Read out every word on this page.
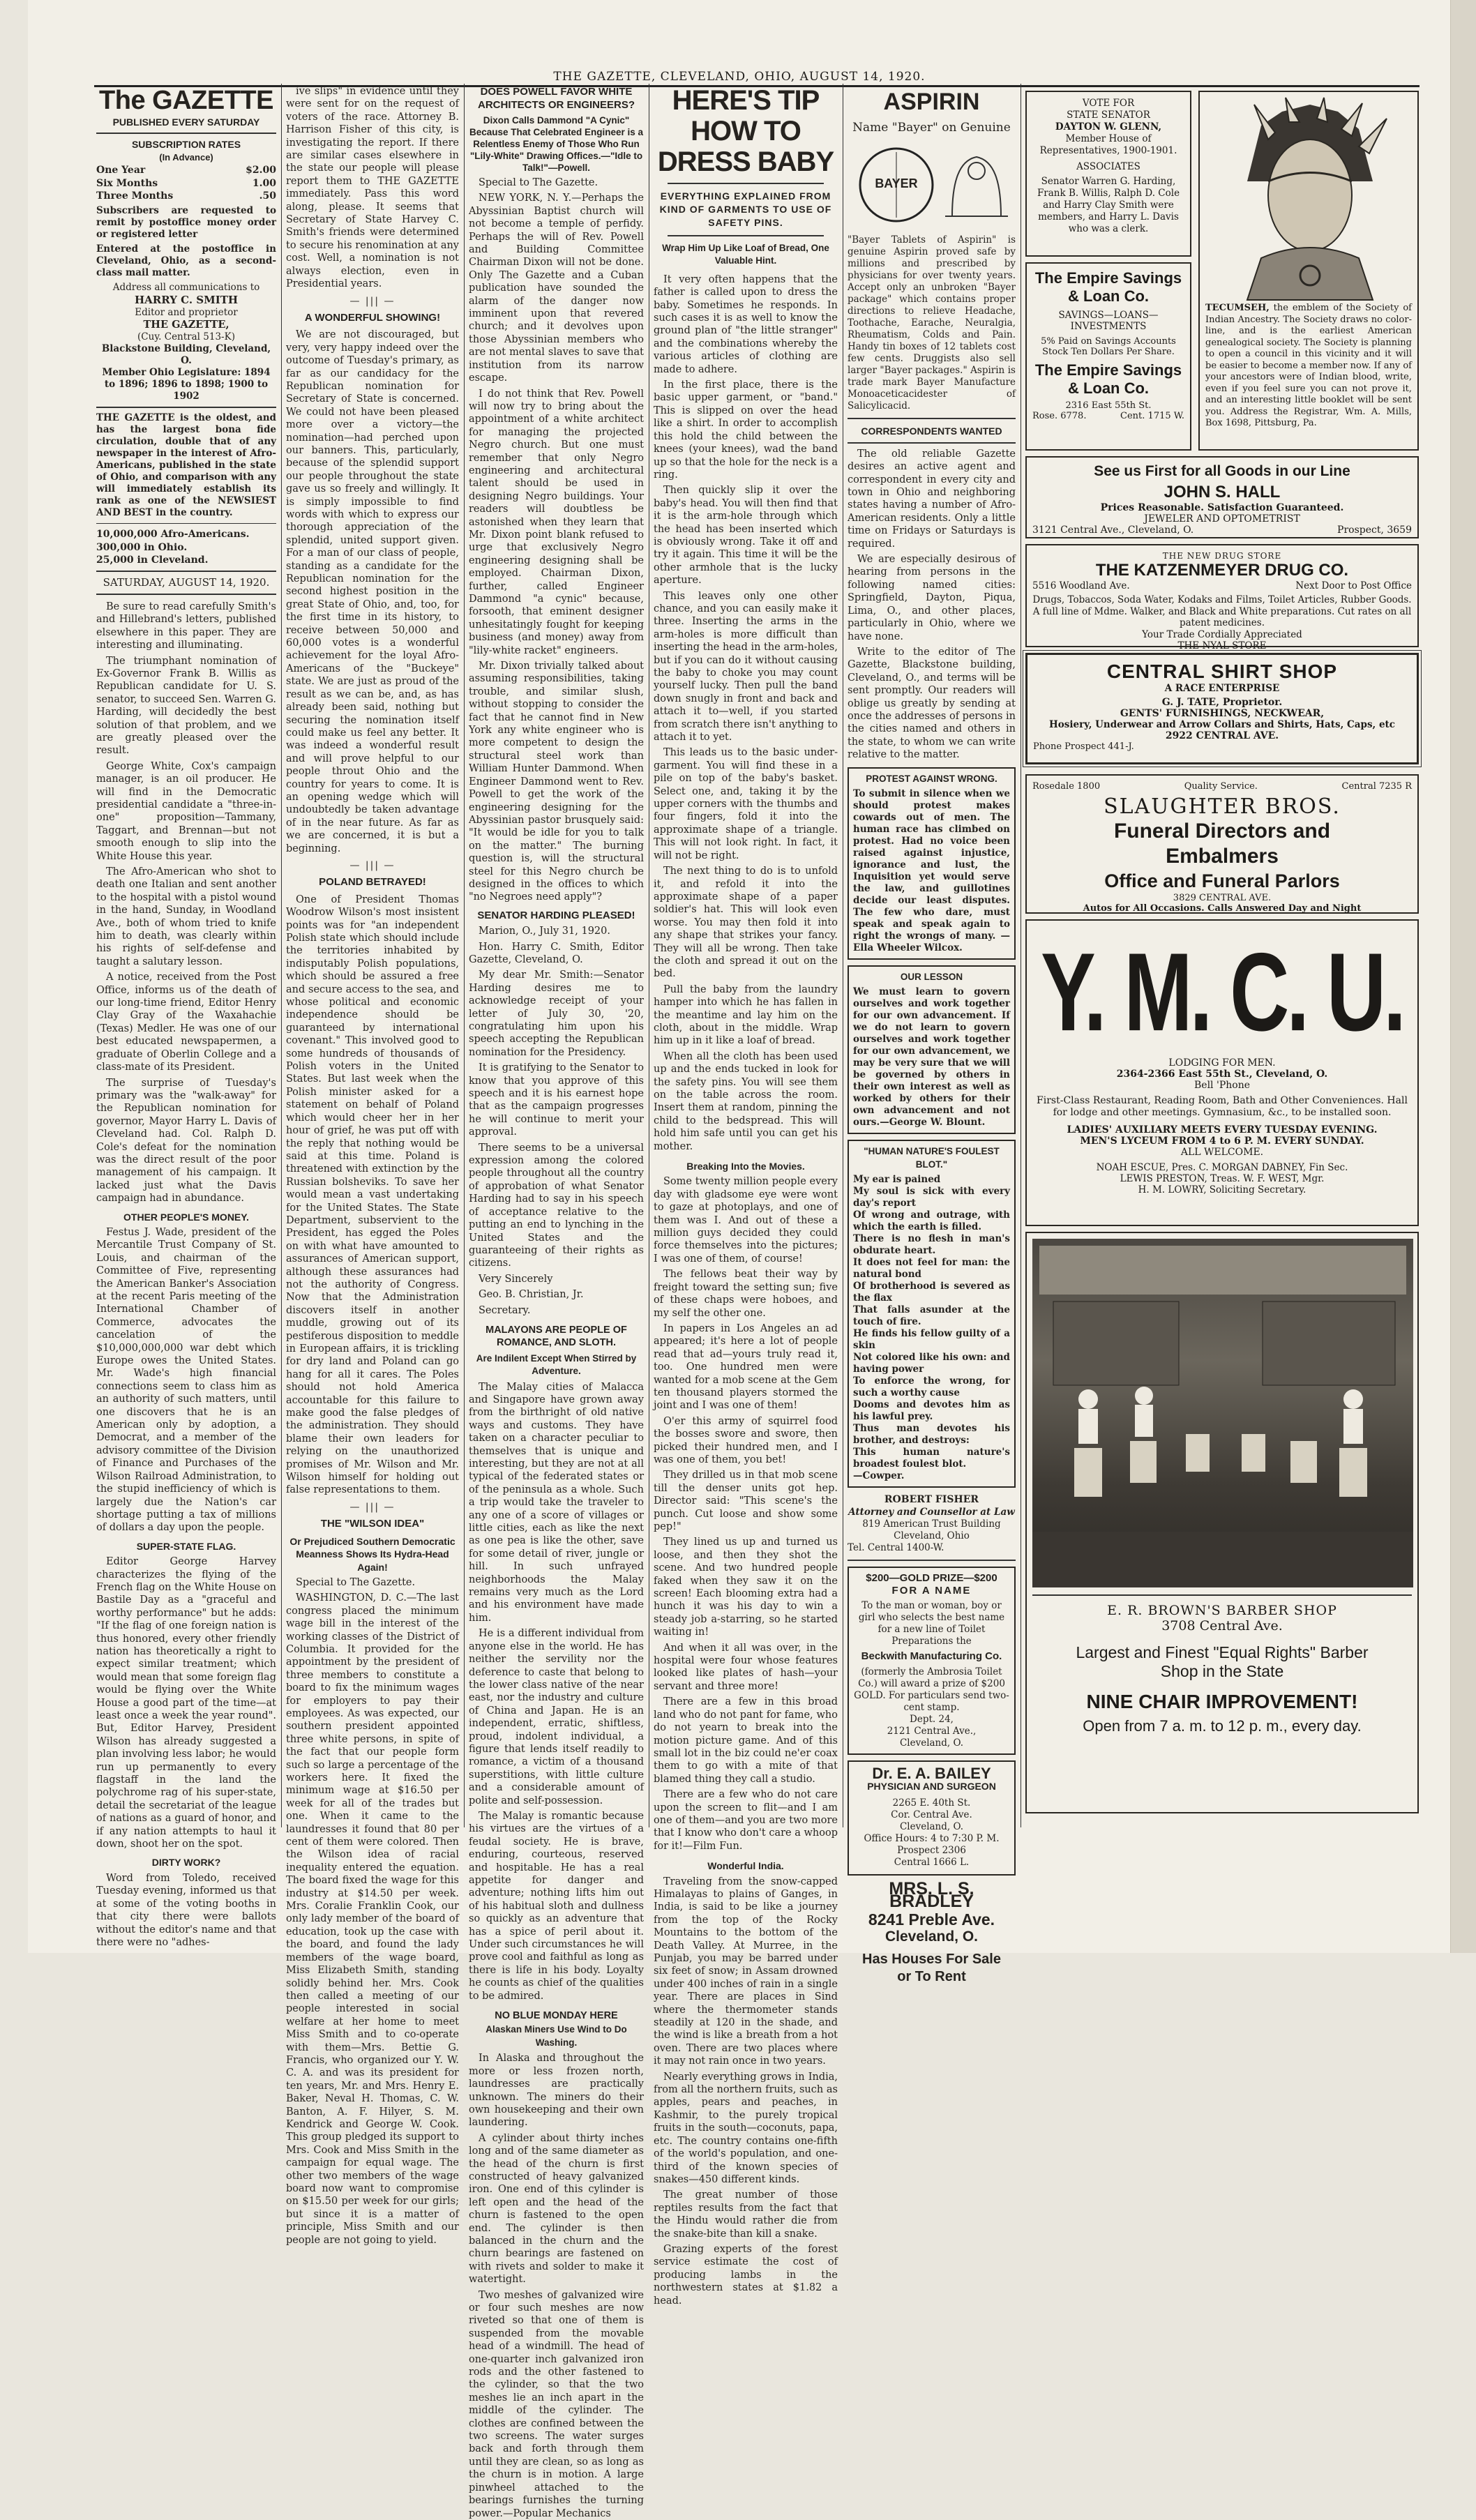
THE GAZETTE, CLEVELAND, OHIO, AUGUST 14, 1920.
The GAZETTE
PUBLISHED EVERY SATURDAY
SUBSCRIPTION RATES
(In Advance)
One Year	$2.00
Six Months	1.00
Three Months	.50
Subscribers are requested to remit by postoffice money order or registered letter
Entered at the postoffice in Cleveland, Ohio, as a second-class mail matter.
Address all communications to
HARRY C. SMITH
Editor and proprietor
THE GAZETTE,
(Cuy. Central 513-K)
Blackstone Building, Cleveland, O.
Member Ohio Legislature: 1894 to 1896; 1896 to 1898; 1900 to 1902
THE GAZETTE is the oldest, and has the largest bona fide circulation, double that of any newspaper in the interest of Afro-Americans, published in the state of Ohio, and comparison with any will immediately establish its rank as one of the NEWSIEST AND BEST in the country.
10,000,000 Afro-Americans.
300,000 in Ohio.
25,000 in Cleveland.
SATURDAY, AUGUST 14, 1920.

Be sure to read carefully Smith's and Hillebrand's letters, published elsewhere in this paper. They are interesting and illuminating.

The triumphant nomination of Ex-Governor Frank B. Willis as Republican candidate for U. S. senator, to succeed Sen. Warren G. Harding, will decidedly the best solution of that problem, and we are greatly pleased over the result.

George White, Cox's campaign manager, is an oil producer. He will find in the Democratic presidential candidate a "three-in-one" proposition—Tammany, Taggart, and Brennan—but not smooth enough to slip into the White House this year.

The Afro-American who shot to death one Italian and sent another to the hospital with a pistol wound in the hand, Sunday, in Woodland Ave., both of whom tried to knife him to death, was clearly within his rights of self-defense and taught a salutary lesson.

A notice, received from the Post Office, informs us of the death of our long-time friend, Editor Henry Clay Gray of the Waxahachie (Texas) Medler. He was one of our best educated newspapermen, a graduate of Oberlin College and a class-mate of its President.

The surprise of Tuesday's primary was the "walk-away" for the Republican nomination for governor, Mayor Harry L. Davis of Cleveland had. Col. Ralph D. Cole's defeat for the nomination was the direct result of the poor management of his campaign. It lacked just what the Davis campaign had in abundance.

OTHER PEOPLE'S MONEY.

Festus J. Wade, president of the Mercantile Trust Company of St. Louis, and chairman of the Committee of Five, representing the American Banker's Association at the recent Paris meeting of the International Chamber of Commerce, advocates the cancelation of the $10,000,000,000 war debt which Europe owes the United States. Mr. Wade's high financial connections seem to class him as an authority of such matters, until one discovers that he is an American only by adoption, a Democrat, and a member of the advisory committee of the Division of Finance and Purchases of the Wilson Railroad Administration, to the stupid inefficiency of which is largely due the Nation's car shortage putting a tax of millions of dollars a day upon the people.

SUPER-STATE FLAG.

Editor George Harvey characterizes the flying of the French flag on the White House on Bastile Day as a "graceful and worthy performance" but he adds: "If the flag of one foreign nation is thus honored, every other friendly nation has theoretically a right to expect similar treatment; which would mean that some foreign flag would be flying over the White House a good part of the time—at least once a week the year round". But, Editor Harvey, President Wilson has already suggested a plan involving less labor; he would run up permanently to every flagstaff in the land the polychrome rag of his super-state, detail the secretariat of the league of nations as a guard of honor, and if any nation attempts to haul it down, shoot her on the spot.

DIRTY WORK?

Word from Toledo, received Tuesday evening, informed us that at some of the voting booths in that city there were ballots without the editor's name and that there were no "adhes-

ive slips" in evidence until they were sent for on the request of voters of the race. Attorney B. Harrison Fisher of this city, is investigating the report. If there are similar cases elsewhere in the state our people will please report them to THE GAZETTE immediately. Pass this word along, please. It seems that Secretary of State Harvey C. Smith's friends were determined to secure his renomination at any cost. Well, a nomination is not always election, even in Presidential years.

— ||| —
A WONDERFUL SHOWING!

We are not discouraged, but very, very happy indeed over the outcome of Tuesday's primary, as far as our candidacy for the Republican nomination for Secretary of State is concerned. We could not have been pleased more over a victory—the nomination—had perched upon our banners. This, particularly, because of the splendid support our people throughout the state gave us so freely and willingly. It is simply impossible to find words with which to express our thorough appreciation of the splendid, united support given. For a man of our class of people, standing as a candidate for the Republican nomination for the second highest position in the great State of Ohio, and, too, for the first time in its history, to receive between 50,000 and 60,000 votes is a wonderful achievement for the loyal Afro-Americans of the "Buckeye" state. We are just as proud of the result as we can be, and, as has already been said, nothing but securing the nomination itself could make us feel any better. It was indeed a wonderful result and will prove helpful to our people throut Ohio and the country for years to come. It is an opening wedge which will undoubtedly be taken advantage of in the near future. As far as we are concerned, it is but a beginning.

— ||| —
POLAND BETRAYED!

One of President Thomas Woodrow Wilson's most insistent points was for "an independent Polish state which should include the territories inhabited by indisputably Polish populations, which should be assured a free and secure access to the sea, and whose political and economic independence should be guaranteed by international covenant." This involved good to some hundreds of thousands of Polish voters in the United States. But last week when the Polish minister asked for a statement on behalf of Poland which would cheer her in her hour of grief, he was put off with the reply that nothing would be said at this time. Poland is threatened with extinction by the Russian bolsheviks. To save her would mean a vast undertaking for the United States. The State Department, subservient to the President, has egged the Poles on with what have amounted to assurances of American support, although these assurances had not the authority of Congress. Now that the Administration discovers itself in another muddle, growing out of its pestiferous disposition to meddle in European affairs, it is trickling for dry land and Poland can go hang for all it cares. The Poles should not hold America accountable for this failure to make good the false pledges of the administration. They should blame their own leaders for relying on the unauthorized promises of Mr. Wilson and Mr. Wilson himself for holding out false representations to them.

— ||| —
THE "WILSON IDEA"
Or Prejudiced Southern Democratic Meanness Shows Its Hydra-Head Again!

Special to The Gazette.

WASHINGTON, D. C.—The last congress placed the minimum wage bill in the interest of the working classes of the District of Columbia. It provided for the appointment by the president of three members to constitute a board to fix the minimum wages for employers to pay their employees. As was expected, our southern president appointed three white persons, in spite of the fact that our people form such so large a percentage of the workers here. It fixed the minimum wage at $16.50 per week for all of the trades but one. When it came to the laundresses it found that 80 per cent of them were colored. Then the Wilson idea of racial inequality entered the equation. The board fixed the wage for this industry at $14.50 per week. Mrs. Coralie Franklin Cook, our only lady member of the board of education, took up the case with the board, and found the lady members of the wage board, Miss Elizabeth Smith, standing solidly behind her. Mrs. Cook then called a meeting of our people interested in social welfare at her home to meet Miss Smith and to co-operate with them—Mrs. Bettie G. Francis, who organized our Y. W. C. A. and was its president for ten years, Mr. and Mrs. Henry E. Baker, Neval H. Thomas, C. W. Banton, A. F. Hilyer, S. M. Kendrick and George W. Cook. This group pledged its support to Mrs. Cook and Miss Smith in the campaign for equal wage. The other two members of the wage board now want to compromise on $15.50 per week for our girls; but since it is a matter of principle, Miss Smith and our people are not going to yield.

DOES POWELL FAVOR WHITE ARCHITECTS OR ENGINEERS?
Dixon Calls Dammond "A Cynic" Because That Celebrated Engineer is a Relentless Enemy of Those Who Run "Lily-White" Drawing Offices.—"Idle to Talk!"—Powell.

Special to The Gazette.

NEW YORK, N. Y.—Perhaps the Abyssinian Baptist church will not become a temple of perfidy. Perhaps the will of Rev. Powell and Building Committee Chairman Dixon will not be done. Only The Gazette and a Cuban publication have sounded the alarm of the danger now imminent upon that revered church; and it devolves upon those Abyssinian members who are not mental slaves to save that institution from its narrow escape.

I do not think that Rev. Powell will now try to bring about the appointment of a white architect for managing the projected Negro church. But one must remember that only Negro engineering and architectural talent should be used in designing Negro buildings. Your readers will doubtless be astonished when they learn that Mr. Dixon point blank refused to urge that exclusively Negro engineering designing shall be employed. Chairman Dixon, further, called Engineer Dammond "a cynic" because, forsooth, that eminent designer unhesitatingly fought for keeping business (and money) away from "lily-white racket" engineers.

Mr. Dixon trivially talked about assuming responsibilities, taking trouble, and similar slush, without stopping to consider the fact that he cannot find in New York any white engineer who is more competent to design the structural steel work than William Hunter Dammond. When Engineer Dammond went to Rev. Powell to get the work of the engineering designing for the Abyssinian pastor brusquely said: "It would be idle for you to talk on the matter." The burning question is, will the structural steel for this Negro church be designed in the offices to which "no Negroes need apply"?

SENATOR HARDING PLEASED!

Marion, O., July 31, 1920.

Hon. Harry C. Smith, Editor Gazette, Cleveland, O.

My dear Mr. Smith:—Senator Harding desires me to acknowledge receipt of your letter of July 30, '20, congratulating him upon his speech accepting the Republican nomination for the Presidency.

It is gratifying to the Senator to know that you approve of this speech and it is his earnest hope that as the campaign progresses he will continue to merit your approval.

There seems to be a universal expression among the colored people throughout all the country of approbation of what Senator Harding had to say in his speech of acceptance relative to the putting an end to lynching in the United States and the guaranteeing of their rights as citizens.

Very Sincerely

Geo. B. Christian, Jr.

Secretary.

MALAYONS ARE PEOPLE OF ROMANCE, AND SLOTH.
Are Indilent Except When Stirred by Adventure.

The Malay cities of Malacca and Singapore have grown away from the birthright of old native ways and customs. They have taken on a character peculiar to themselves that is unique and interesting, but they are not at all typical of the federated states or of the peninsula as a whole. Such a trip would take the traveler to any one of a score of villages or little cities, each as like the next as one pea is like the other, save for some detail of river, jungle or hill. In such unfrayed neighborhoods the Malay remains very much as the Lord and his environment have made him.

He is a different individual from anyone else in the world. He has neither the servility nor the deference to caste that belong to the lower class native of the near east, nor the industry and culture of China and Japan. He is an independent, erratic, shiftless, proud, indolent individual, a figure that lends itself readily to romance, a victim of a thousand superstitions, with little culture and a considerable amount of polite and self-possession.

The Malay is romantic because his virtues are the virtues of a feudal society. He is brave, enduring, courteous, reserved and hospitable. He has a real appetite for danger and adventure; nothing lifts him out of his habitual sloth and dullness so quickly as an adventure that has a spice of peril about it. Under such circumstances he will prove cool and faithful as long as there is life in his body. Loyalty he counts as chief of the qualities to be admired.

NO BLUE MONDAY HERE
Alaskan Miners Use Wind to Do Washing.

In Alaska and throughout the more or less frozen north, laundresses are practically unknown. The miners do their own housekeeping and their own laundering.

A cylinder about thirty inches long and of the same diameter as the head of the churn is first constructed of heavy galvanized iron. One end of this cylinder is left open and the head of the churn is fastened to the open end. The cylinder is then balanced in the churn and the churn bearings are fastened on with rivets and solder to make it watertight.

Two meshes of galvanized wire or four such meshes are now riveted so that one of them is suspended from the movable head of a windmill. The head of one-quarter inch galvanized iron rods and the other fastened to the cylinder, so that the two meshes lie an inch apart in the middle of the cylinder. The clothes are confined between the two screens. The water surges back and forth through them until they are clean, so as long as the churn is in motion. A large pinwheel attached to the bearings furnishes the turning power.—Popular Mechanics

HERE'S TIP HOW TO DRESS BABY
EVERYTHING EXPLAINED FROM KIND OF GARMENTS TO USE OF SAFETY PINS.
Wrap Him Up Like Loaf of Bread, One Valuable Hint.

It very often happens that the father is called upon to dress the baby. Sometimes he responds. In such cases it is as well to know the ground plan of "the little stranger" and the combinations whereby the various articles of clothing are made to adhere.

In the first place, there is the basic upper garment, or "band." This is slipped on over the head like a shirt. In order to accomplish this hold the child between the knees (your knees), wad the band up so that the hole for the neck is a ring.

Then quickly slip it over the baby's head. You will then find that it is the arm-hole through which the head has been inserted which is obviously wrong. Take it off and try it again. This time it will be the other armhole that is the lucky aperture.

This leaves only one other chance, and you can easily make it three. Inserting the arms in the arm-holes is more difficult than inserting the head in the arm-holes, but if you can do it without causing the baby to choke you may count yourself lucky. Then pull the band down snugly in front and back and attach it to—well, if you started from scratch there isn't anything to attach it to yet.

This leads us to the basic under-garment. You will find these in a pile on top of the baby's basket. Select one, and, taking it by the upper corners with the thumbs and four fingers, fold it into the approximate shape of a triangle. This will not look right. In fact, it will not be right.

The next thing to do is to unfold it, and refold it into the approximate shape of a paper soldier's hat. This will look even worse. You may then fold it into any shape that strikes your fancy. They will all be wrong. Then take the cloth and spread it out on the bed.

Pull the baby from the laundry hamper into which he has fallen in the meantime and lay him on the cloth, about in the middle. Wrap him up in it like a loaf of bread.

When all the cloth has been used up and the ends tucked in look for the safety pins. You will see them on the table across the room. Insert them at random, pinning the child to the bedspread. This will hold him safe until you can get his mother.

Breaking Into the Movies.

Some twenty million people every day with gladsome eye were wont to gaze at photoplays, and one of them was I. And out of these a million guys decided they could force themselves into the pictures; I was one of them, of course!

The fellows beat their way by freight toward the setting sun; five of these chaps were hoboes, and my self the other one.

In papers in Los Angeles an ad appeared; it's here a lot of people read that ad—yours truly read it, too. One hundred men were wanted for a mob scene at the Gem ten thousand players stormed the joint and I was one of them!

O'er this army of squirrel food the bosses swore and swore, then picked their hundred men, and I was one of them, you bet!

They drilled us in that mob scene till the denser units got hep. Director said: "This scene's the punch. Cut loose and show some pep!"

They lined us up and turned us loose, and then they shot the scene. And two hundred people faked when they saw it on the screen! Each blooming extra had a hunch it was his day to win a steady job a-starring, so he started waiting in!

And when it all was over, in the hospital were four whose features looked like plates of hash—your servant and three more!

There are a few in this broad land who do not pant for fame, who do not yearn to break into the motion picture game. And of this small lot in the biz could ne'er coax them to go with a mite of that blamed thing they call a studio.

There are a few who do not care upon the screen to flit—and I am one of them—and you are two more that I know who don't care a whoop for it!—Film Fun.

Wonderful India.

Traveling from the snow-capped Himalayas to plains of Ganges, in India, is said to be like a journey from the top of the Rocky Mountains to the bottom of the Death Valley. At Murree, in the Punjab, you may be barred under six feet of snow; in Assam drowned under 400 inches of rain in a single year. There are places in Sind where the thermometer stands steadily at 120 in the shade, and the wind is like a breath from a hot oven. There are two places where it may not rain once in two years.

Nearly everything grows in India, from all the northern fruits, such as apples, pears and peaches, in Kashmir, to the purely tropical fruits in the south—coconuts, papa, etc. The country contains one-fifth of the world's population, and one-third of the known species of snakes—450 different kinds.

The great number of those reptiles results from the fact that the Hindu would rather die from the snake-bite than kill a snake.

Grazing experts of the forest service estimate the cost of producing lambs in the northwestern states at $1.82 a head.

ASPIRIN
Name "Bayer" on Genuine
BAYER
"Bayer Tablets of Aspirin" is genuine Aspirin proved safe by millions and prescribed by physicians for over twenty years. Accept only an unbroken "Bayer package" which contains proper directions to relieve Headache, Toothache, Earache, Neuralgia, Rheumatism, Colds and Pain. Handy tin boxes of 12 tablets cost few cents. Druggists also sell larger "Bayer packages." Aspirin is trade mark Bayer Manufacture Monoaceticacidester of Salicylicacid.
CORRESPONDENTS WANTED

The old reliable Gazette desires an active agent and correspondent in every city and town in Ohio and neighboring states having a number of Afro-American residents. Only a little time on Fridays or Saturdays is required.

We are especially desirous of hearing from persons in the following named cities: Springfield, Dayton, Piqua, Lima, O., and other places, particularly in Ohio, where we have none.

Write to the editor of The Gazette, Blackstone building, Cleveland, O., and terms will be sent promptly. Our readers will oblige us greatly by sending at once the addresses of persons in the cities named and others in the state, to whom we can write relative to the matter.

PROTEST AGAINST WRONG.
To submit in silence when we should protest makes cowards out of men. The human race has climbed on protest. Had no voice been raised against injustice, ignorance and lust, the Inquisition yet would serve the law, and guillotines decide our least disputes. The few who dare, must speak and speak again to right the wrongs of many. —Ella Wheeler Wilcox.
OUR LESSON
We must learn to govern ourselves and work together for our own advancement. If we do not learn to govern ourselves and work together for our own advancement, we may be very sure that we will be governed by others in their own interest as well as worked by others for their own advancement and not ours.—George W. Blount.
"HUMAN NATURE'S FOULEST BLOT."
My ear is pained
My soul is sick with every day's report
Of wrong and outrage, with which the earth is filled.
There is no flesh in man's obdurate heart.
It does not feel for man: the natural bond
Of brotherhood is severed as the flax
That falls asunder at the touch of fire.
He finds his fellow guilty of a skin
Not colored like his own: and having power
To enforce the wrong, for such a worthy cause
Dooms and devotes him as his lawful prey.
Thus man devotes his brother, and destroys:
This human nature's broadest foulest blot.
—Cowper.
ROBERT FISHER
Attorney and Counsellor at Law
819 American Trust Building
Cleveland, Ohio
Tel. Central 1400-W.
$200—GOLD PRIZE—$200
FOR A NAME
To the man or woman, boy or girl who selects the best name for a new line of Toilet Preparations the
Beckwith Manufacturing Co.
(formerly the Ambrosia Toilet Co.) will award a prize of $200 GOLD. For particulars send two-cent stamp.
Dept. 24,
2121 Central Ave.,
Cleveland, O.
Dr. E. A. BAILEY
PHYSICIAN AND SURGEON
2265 E. 40th St.
Cor. Central Ave.
Cleveland, O.
Office Hours: 4 to 7:30 P. M.
Prospect 2306
Central 1666 L.
MRS. L. S. BRADLEY
8241 Preble Ave.
Cleveland, O.
Has Houses For Sale
or To Rent
VOTE FOR
STATE SENATOR
DAYTON W. GLENN,
Member House of Representatives, 1900-1901.
ASSOCIATES
Senator Warren G. Harding, Frank B. Willis, Ralph D. Cole and Harry Clay Smith were members, and Harry L. Davis who was a clerk.
The Empire Savings & Loan Co.
SAVINGS—LOANS—INVESTMENTS
5% Paid on Savings Accounts
Stock Ten Dollars Per Share.
The Empire Savings & Loan Co.
2316 East 55th St.
Rose. 6778.	Cent. 1715 W.
TECUMSEH, the emblem of the Society of Indian Ancestry. The Society draws no color-line, and is the earliest American genealogical society. The Society is planning to open a council in this vicinity and it will be easier to become a member now. If any of your ancestors were of Indian blood, write, even if you feel sure you can not prove it, and an interesting little booklet will be sent you. Address the Registrar, Wm. A. Mills, Box 1698, Pittsburg, Pa.
See us First for all Goods in our Line
JOHN S. HALL
Prices Reasonable. Satisfaction Guaranteed.
JEWELER AND OPTOMETRIST
3121 Central Ave., Cleveland, O.	Prospect, 3659
THE NEW DRUG STORE
THE KATZENMEYER DRUG CO.
5516 Woodland Ave.	Next Door to Post Office
Drugs, Tobaccos, Soda Water, Kodaks and Films, Toilet Articles, Rubber Goods. A full line of Mdme. Walker, and Black and White preparations. Cut rates on all patent medicines.
Your Trade Cordially Appreciated
THE NYAL STORE
CENTRAL SHIRT SHOP
A RACE ENTERPRISE
G. J. TATE, Proprietor.
GENTS' FURNISHINGS, NECKWEAR,
Hosiery, Underwear and Arrow Collars and Shirts, Hats, Caps, etc
2922 CENTRAL AVE.
Phone Prospect 441-J.
Rosedale 1800	Quality Service.	Central 7235 R
SLAUGHTER BROS.
Funeral Directors and
Embalmers
Office and Funeral Parlors
3829 CENTRAL AVE.
Autos for All Occasions. Calls Answered Day and Night
Y. M. C. U.
LODGING FOR MEN.
2364-2366 East 55th St., Cleveland, O.
Bell 'Phone
First-Class Restaurant, Reading Room, Bath and Other Conveniences. Hall for lodge and other meetings. Gymnasium, &c., to be installed soon.
LADIES' AUXILIARY MEETS EVERY TUESDAY EVENING.
MEN'S LYCEUM FROM 4 to 6 P. M. EVERY SUNDAY.
ALL WELCOME.
NOAH ESCUE, Pres. C. MORGAN DABNEY, Fin Sec.
LEWIS PRESTON, Treas. W. F. WEST, Mgr.
H. M. LOWRY, Soliciting Secretary.
E. R. BROWN'S BARBER SHOP
3708 Central Ave.
Largest and Finest "Equal Rights" Barber
Shop in the State
NINE CHAIR IMPROVEMENT!
Open from 7 a. m. to 12 p. m., every day.
